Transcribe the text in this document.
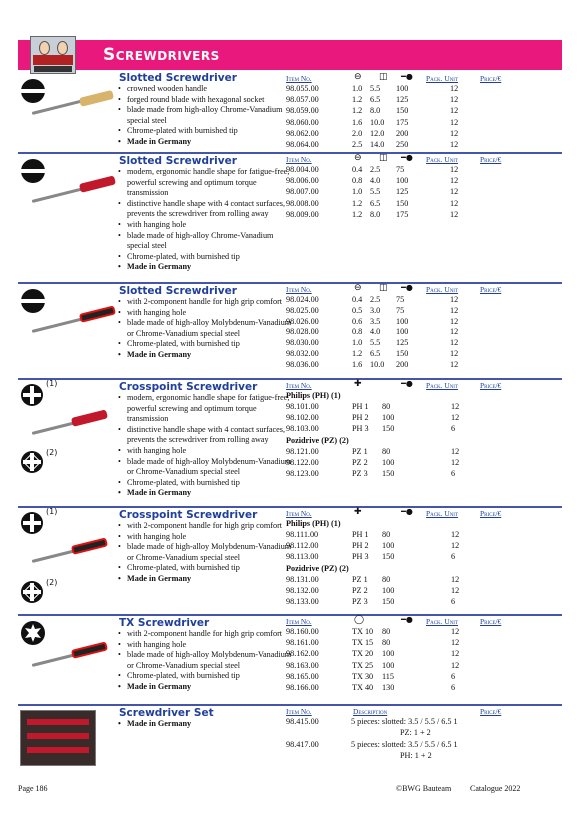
Screwdrivers
Slotted Screwdriver
• crowned wooden handle
• forged round blade with hexagonal socket
• blade made from high-alloy Chrome-Vanadium special steel
• Chrome-plated with burnished tip
• Made in Germany
Slotted Screwdriver
• modern, ergonomic handle shape for fatigue-free, powerful screwing and optimum torque transmission
• distinctive handle shape with 4 contact surfaces, prevents the screwdriver from rolling away
• with hanging hole
• blade made of high-alloy Chrome-Vanadium special steel
• Chrome-plated, with burnished tip
• Made in Germany
Slotted Screwdriver
• with 2-component handle for high grip comfort
• with hanging hole
• blade made of high-alloy Molybdenum-Vanadium or Chrome-Vanadium special steel
• Chrome-plated, with burnished tip
• Made in Germany
(1)
(2)
Crosspoint Screwdriver
• modern, ergonomic handle shape for fatigue-free, powerful screwing and optimum torque transmission
• distinctive handle shape with 4 contact surfaces, prevents the screwdriver from rolling away
• with hanging hole
• blade made of high-alloy Molybdenum-Vanadium or Chrome-Vanadium special steel
• Chrome-plated, with burnished tip
• Made in Germany
(1)
(2)
Crosspoint Screwdriver
• with 2-component handle for high grip comfort
• with hanging hole
• blade made of high-alloy Molybdenum-Vanadium or Chrome-Vanadium special steel
• Chrome-plated, with burnished tip
• Made in Germany
TX Screwdriver
• with 2-component handle for high grip comfort
• with hanging hole
• blade made of high-alloy Molybdenum-Vanadium or Chrome-Vanadium special steel
• Chrome-plated, with burnished tip
• Made in Germany
Screwdriver Set
• Made in Germany
Item No.	⊖ ◫ ━● Pack. Unit	Price/€
98.055.00	1.0 5.5 100	12
98.057.00	1.2 6.5 125	12
98.059.00	1.2 8.0 150	12
98.060.00	1.6 10.0 175	12
98.062.00	2.0 12.0 200	12
98.064.00	2.5 14.0 250	12
Item No.	⊖ ◫ ━● Pack. Unit	Price/€
98.004.00	0.4 2.5 75	12
98.006.00	0.8 4.0 100	12
98.007.00	1.0 5.5 125	12
98.008.00	1.2 6.5 150	12
98.009.00	1.2 8.0 175	12
Item No.	⊖ ◫ ━● Pack. Unit	Price/€
98.024.00	0.4 2.5 75	12
98.025.00	0.5 3.0 75	12
98.026.00	0.6 3.5 100	12
98.028.00	0.8 4.0 100	12
98.030.00	1.0 5.5 125	12
98.032.00	1.2 6.5 150	12
98.036.00	1.6 10.0 200	12
Item No.	✚	━● Pack. Unit	Price/€
Philips (PH) (1)
98.101.00	PH 1 80	12
98.102.00	PH 2 100	12
98.103.00	PH 3 150	6
Pozidrive (PZ) (2)
98.121.00	PZ 1 80	12
98.122.00	PZ 2 100	12
98.123.00	PZ 3 150	6
Item No.	✚	━● Pack. Unit	Price/€
Philips (PH) (1)
98.111.00	PH 1 80	12
98.112.00	PH 2 100	12
98.113.00	PH 3 150	6
Pozidrive (PZ) (2)
98.131.00	PZ 1 80	12
98.132.00	PZ 2 100	12
98.133.00	PZ 3 150	6
Item No.	◯	━● Pack. Unit	Price/€
98.160.00	TX 10 80	12
98.161.00	TX 15 80	12
98.162.00	TX 20 100	12
98.163.00	TX 25 100	12
98.165.00	TX 30 115	6
98.166.00	TX 40 130	6
Item No.	Description	Price/€
98.415.00	5 pieces: slotted: 3.5 / 5.5 / 6.5 1
PZ: 1 + 2
98.417.00	5 pieces: slotted: 3.5 / 5.5 / 6.5 1
PH: 1 + 2
Page 186	©BWG Bauteam Catalogue 2022
